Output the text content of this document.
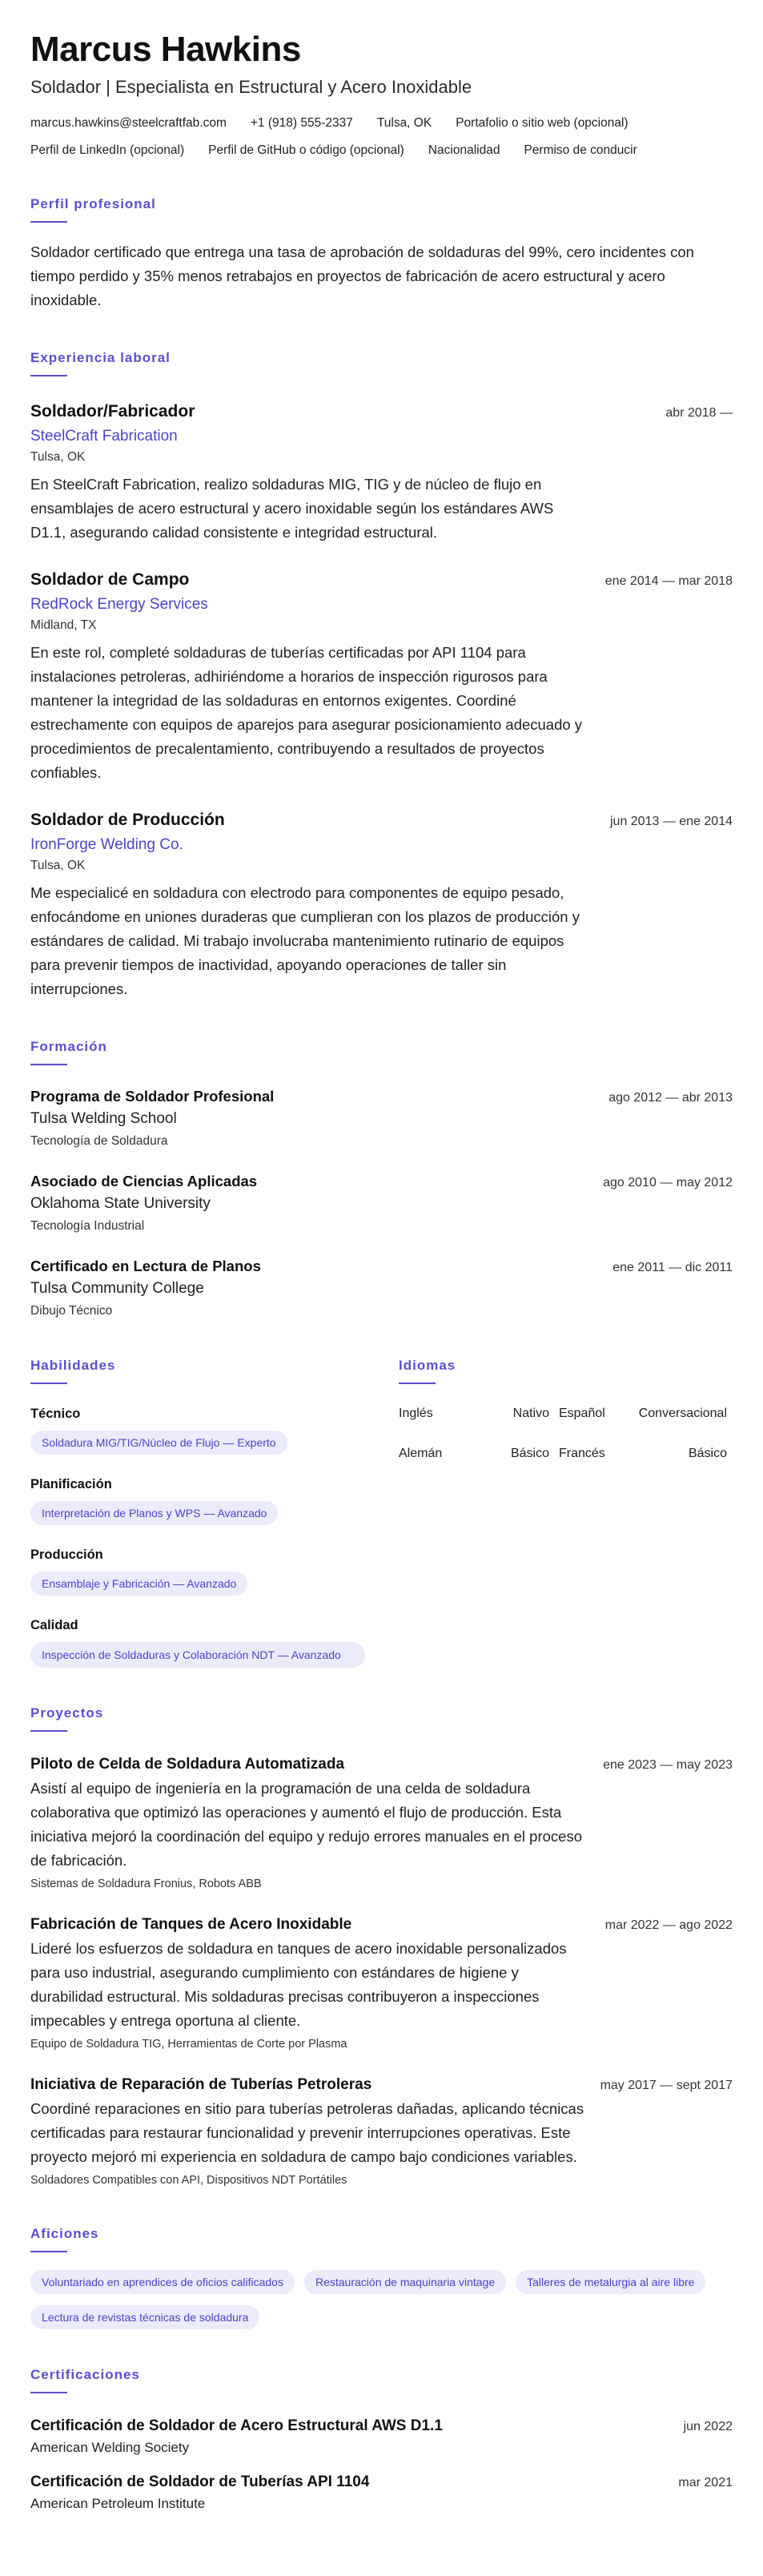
Marcus Hawkins
Soldador | Especialista en Estructural y Acero Inoxidable
marcus.hawkins@steelcraftfab.com +1 (918) 555-2337 Tulsa, OK Portafolio o sitio web (opcional)
Perfil de LinkedIn (opcional) Perfil de GitHub o código (opcional) Nacionalidad Permiso de conducir
Perfil profesional
Soldador certificado que entrega una tasa de aprobación de soldaduras del 99%, cero incidentes con tiempo perdido y 35% menos retrabajos en proyectos de fabricación de acero estructural y acero inoxidable.
Experiencia laboral
Soldador/Fabricador	abr 2018 —
SteelCraft Fabrication
Tulsa, OK
En SteelCraft Fabrication, realizo soldaduras MIG, TIG y de núcleo de flujo en ensamblajes de acero estructural y acero inoxidable según los estándares AWS D1.1, asegurando calidad consistente e integridad estructural.
Soldador de Campo	ene 2014 — mar 2018
RedRock Energy Services
Midland, TX
En este rol, completé soldaduras de tuberías certificadas por API 1104 para instalaciones petroleras, adhiriéndome a horarios de inspección rigurosos para mantener la integridad de las soldaduras en entornos exigentes. Coordiné estrechamente con equipos de aparejos para asegurar posicionamiento adecuado y procedimientos de precalentamiento, contribuyendo a resultados de proyectos confiables.
Soldador de Producción	jun 2013 — ene 2014
IronForge Welding Co.
Tulsa, OK
Me especialicé en soldadura con electrodo para componentes de equipo pesado, enfocándome en uniones duraderas que cumplieran con los plazos de producción y estándares de calidad. Mi trabajo involucraba mantenimiento rutinario de equipos para prevenir tiempos de inactividad, apoyando operaciones de taller sin interrupciones.
Formación
Programa de Soldador Profesional	ago 2012 — abr 2013
Tulsa Welding School
Tecnología de Soldadura
Asociado de Ciencias Aplicadas	ago 2010 — may 2012
Oklahoma State University
Tecnología Industrial
Certificado en Lectura de Planos	ene 2011 — dic 2011
Tulsa Community College
Dibujo Técnico
Habilidades
Técnico
Soldadura MIG/TIG/Núcleo de Flujo — Experto
Planificación
Interpretación de Planos y WPS — Avanzado
Producción
Ensamblaje y Fabricación — Avanzado
Calidad
Inspección de Soldaduras y Colaboración NDT — Avanzado
Idiomas
Inglés	Nativo Español	Conversacional
Alemán	Básico Francés	Básico
Proyectos
Piloto de Celda de Soldadura Automatizada	ene 2023 — may 2023
Asistí al equipo de ingeniería en la programación de una celda de soldadura colaborativa que optimizó las operaciones y aumentó el flujo de producción. Esta iniciativa mejoró la coordinación del equipo y redujo errores manuales en el proceso de fabricación.
Sistemas de Soldadura Fronius, Robots ABB
Fabricación de Tanques de Acero Inoxidable	mar 2022 — ago 2022
Lideré los esfuerzos de soldadura en tanques de acero inoxidable personalizados para uso industrial, asegurando cumplimiento con estándares de higiene y durabilidad estructural. Mis soldaduras precisas contribuyeron a inspecciones impecables y entrega oportuna al cliente.
Equipo de Soldadura TIG, Herramientas de Corte por Plasma
Iniciativa de Reparación de Tuberías Petroleras	may 2017 — sept 2017
Coordiné reparaciones en sitio para tuberías petroleras dañadas, aplicando técnicas certificadas para restaurar funcionalidad y prevenir interrupciones operativas. Este proyecto mejoró mi experiencia en soldadura de campo bajo condiciones variables.
Soldadores Compatibles con API, Dispositivos NDT Portátiles
Aficiones
Voluntariado en aprendices de oficios calificados	Restauración de maquinaria vintage	Talleres de metalurgia al aire libre
Lectura de revistas técnicas de soldadura
Certificaciones
Certificación de Soldador de Acero Estructural AWS D1.1	jun 2022
American Welding Society
Certificación de Soldador de Tuberías API 1104	mar 2021
American Petroleum Institute
